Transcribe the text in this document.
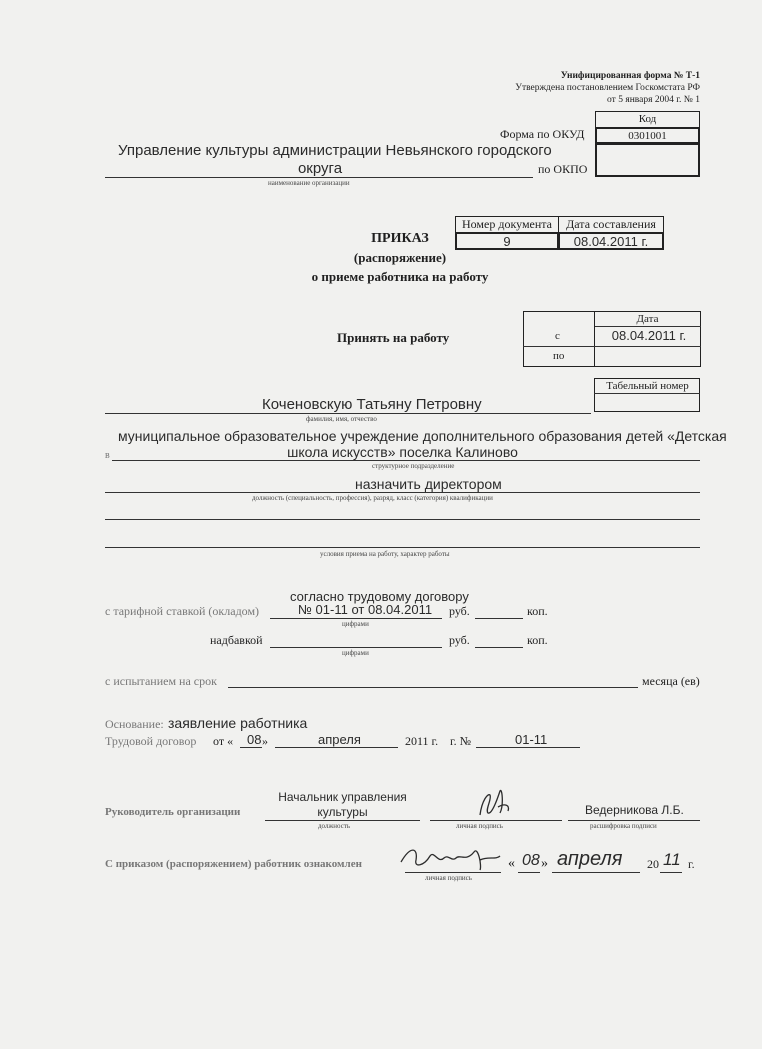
Унифицированная форма № Т-1
Утверждена постановлением Госкомстата РФ
от 5 января 2004 г. № 1
Код
0301001
Форма по ОКУД
по ОКПО
Управление культуры администрации Невьянского городского
округа
наименование организации
Номер документа	Дата составления
9	08.04.2011 г.
ПРИКАЗ
(распоряжение)
о приеме работника на работу
Принять на работу
Дата
с	08.04.2011 г.
по
Табельный номер
Коченовскую Татьяну Петровну
фамилия, имя, отчество
в
муниципальное образовательное учреждение дополнительного образования детей «Детская
школа искусств» поселка Калиново
структурное подразделение
назначить директором
должность (специальность, профессия), разряд, класс (категория) квалификации
условия приема на работу, характер работы
согласно трудовому договору
с тарифной ставкой (окладом)	№ 01-11 от 08.04.2011
цифрами
руб.	коп.
надбавкой
цифрами
руб.	коп.
с испытанием на срок	месяца (ев)
Основание: заявление работника
Трудовой договор от « 08 »	апреля	2011 г. г. №	01-11
Руководитель организации
Начальник управления
культуры
должность	личная подпись
Ведерникова Л.Б.
расшифровка подписи
С приказом (распоряжением) работник ознакомлен
личная подпись
« 08 » апреля 20 11 г.
